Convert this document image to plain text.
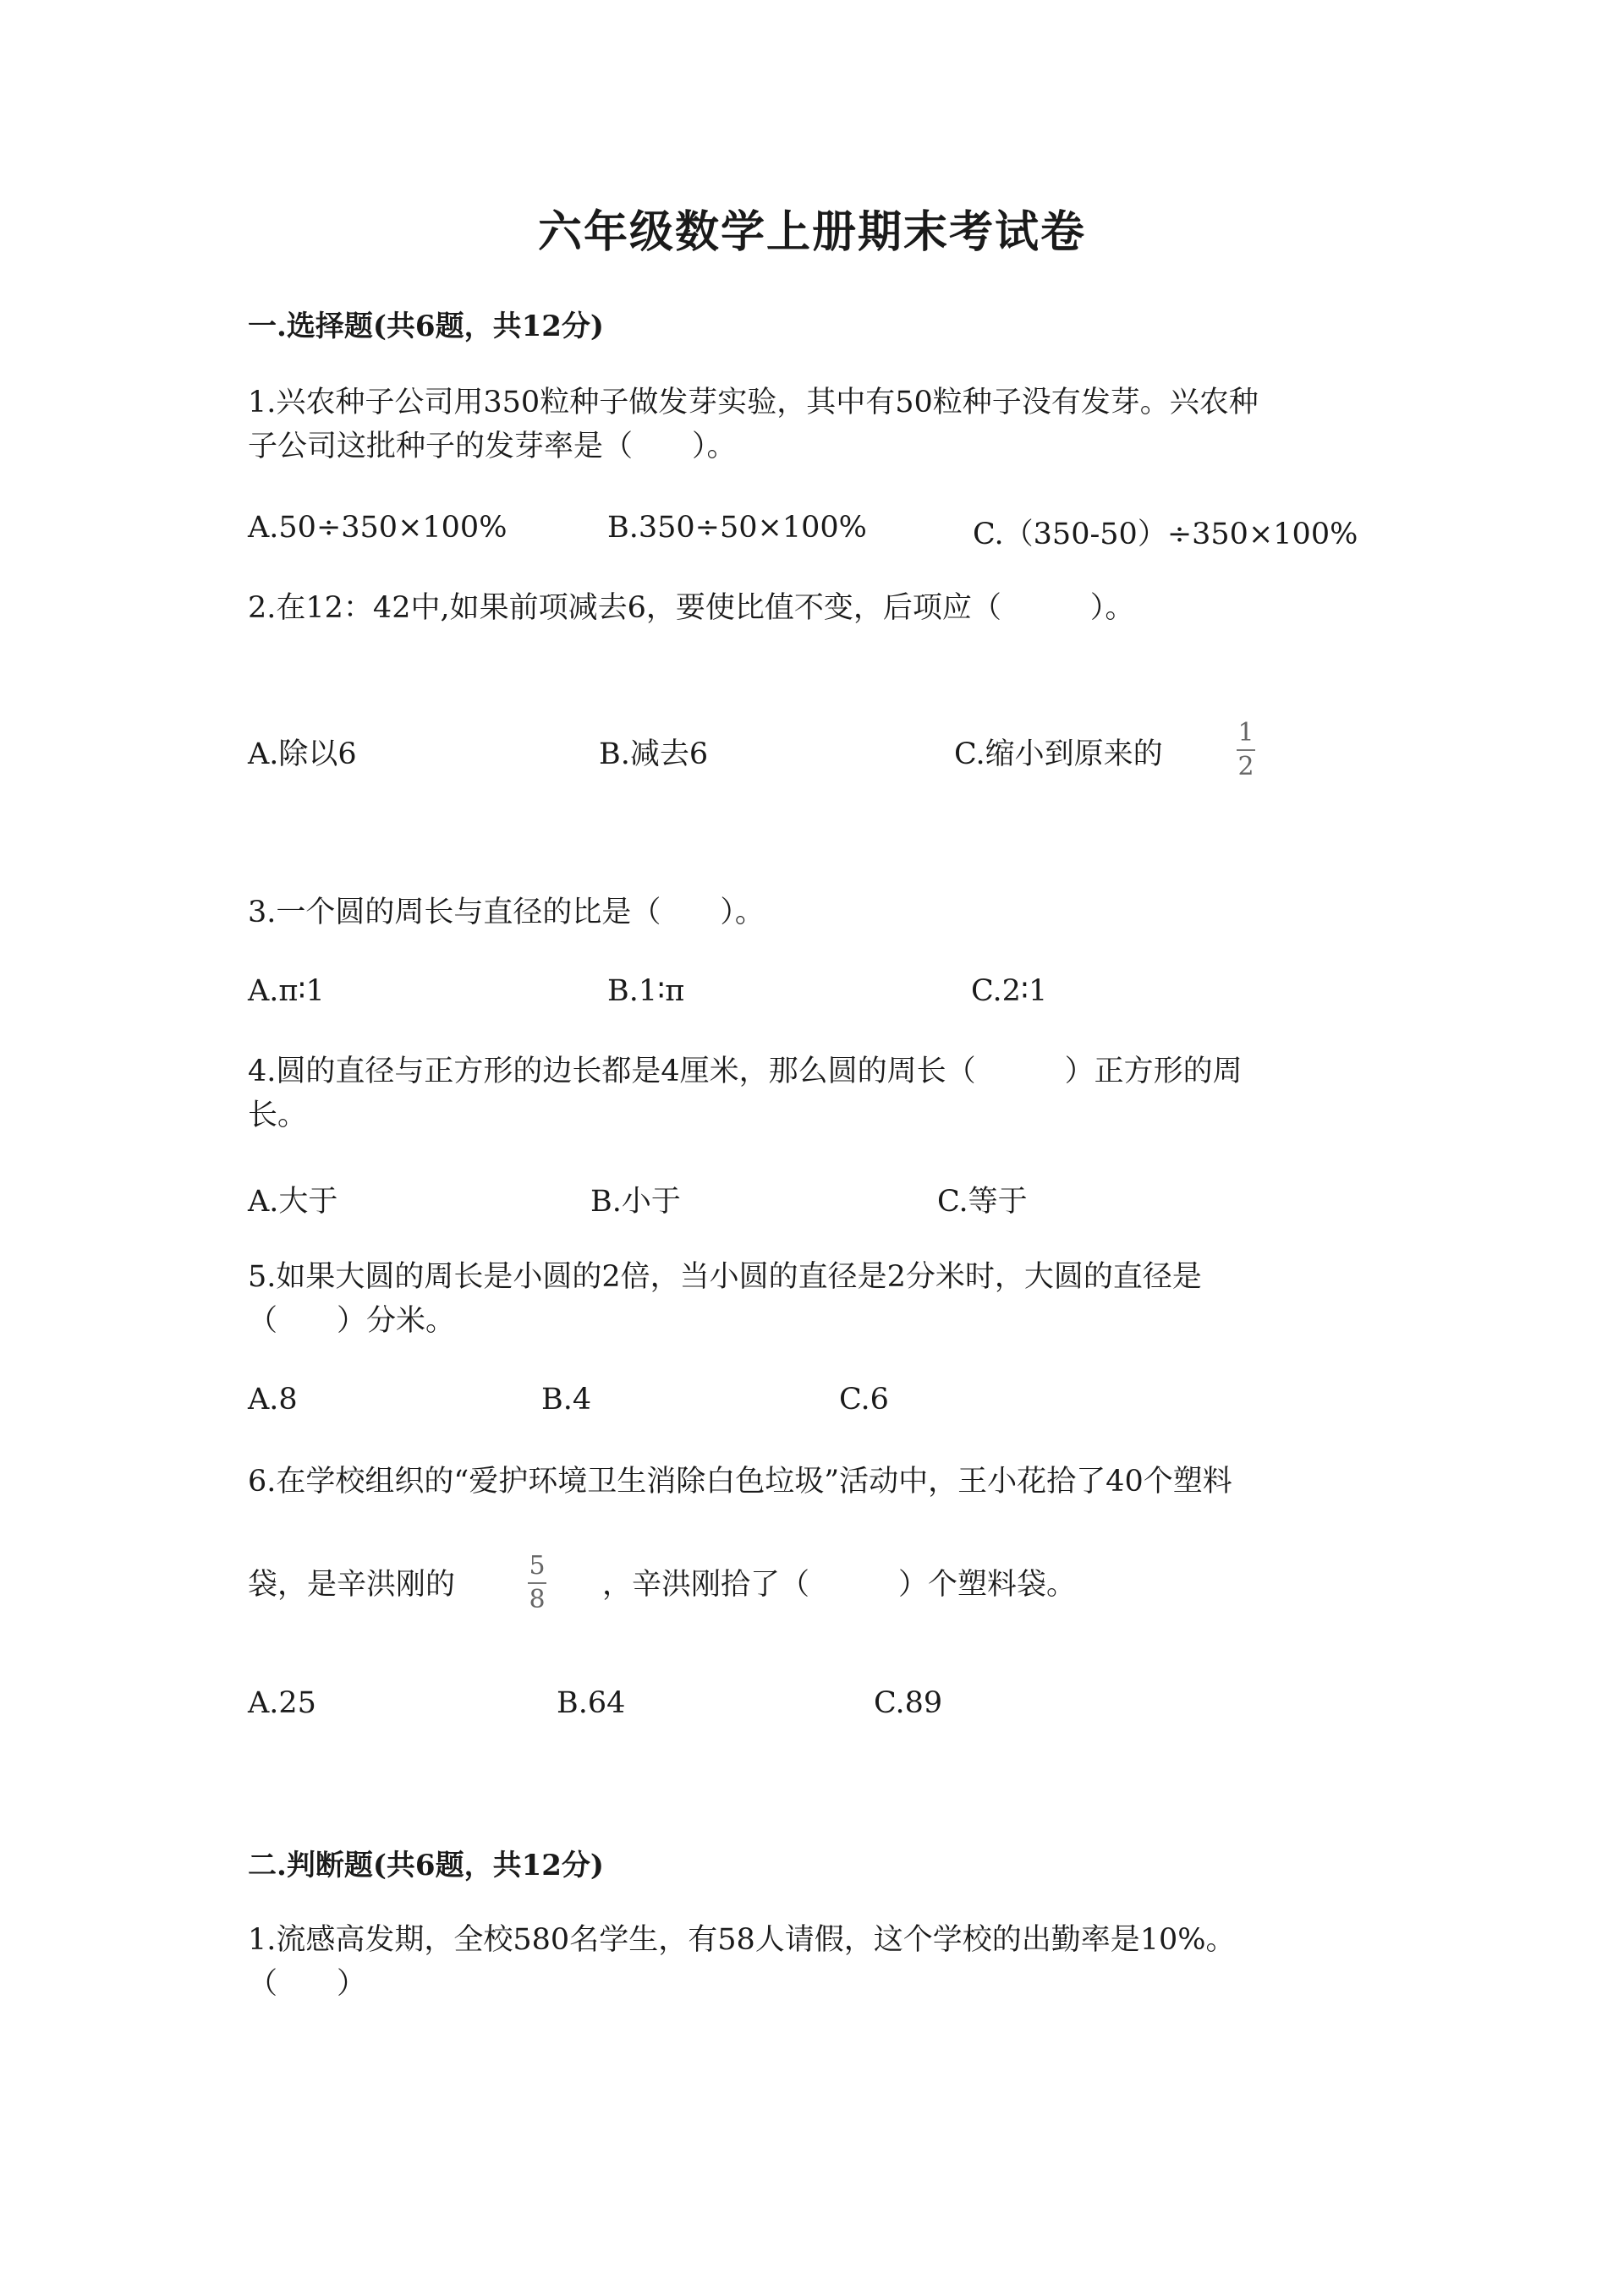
六年级数学上册期末考试卷
一.选择题(共6题，共12分)
1.兴农种子公司用350粒种子做发芽实验，其中有50粒种子没有发芽。兴农种
子公司这批种子的发芽率是（　　）。
A.50÷350×100%	B.350÷50×100%	C.（350-50）÷350×100%
2.在12：42中,如果前项减去6，要使比值不变，后项应（　　　）。
A.除以6	B.减去6	C.缩小到原来的
1
2
3.一个圆的周长与直径的比是（　　）。
A.π∶1	B.1∶π	C.2∶1
4.圆的直径与正方形的边长都是4厘米，那么圆的周长（　　　）正方形的周
长。
A.大于	B.小于	C.等于
5.如果大圆的周长是小圆的2倍，当小圆的直径是2分米时，大圆的直径是
（　　）分米。
A.8	B.4	C.6
6.在学校组织的“爱护环境卫生消除白色垃圾”活动中，王小花拾了40个塑料
袋，是辛洪刚的
5
8 ，辛洪刚拾了（　　　）个塑料袋。
A.25	B.64	C.89
二.判断题(共6题，共12分)
1.流感高发期，全校580名学生，有58人请假，这个学校的出勤率是10%。
（　　）
